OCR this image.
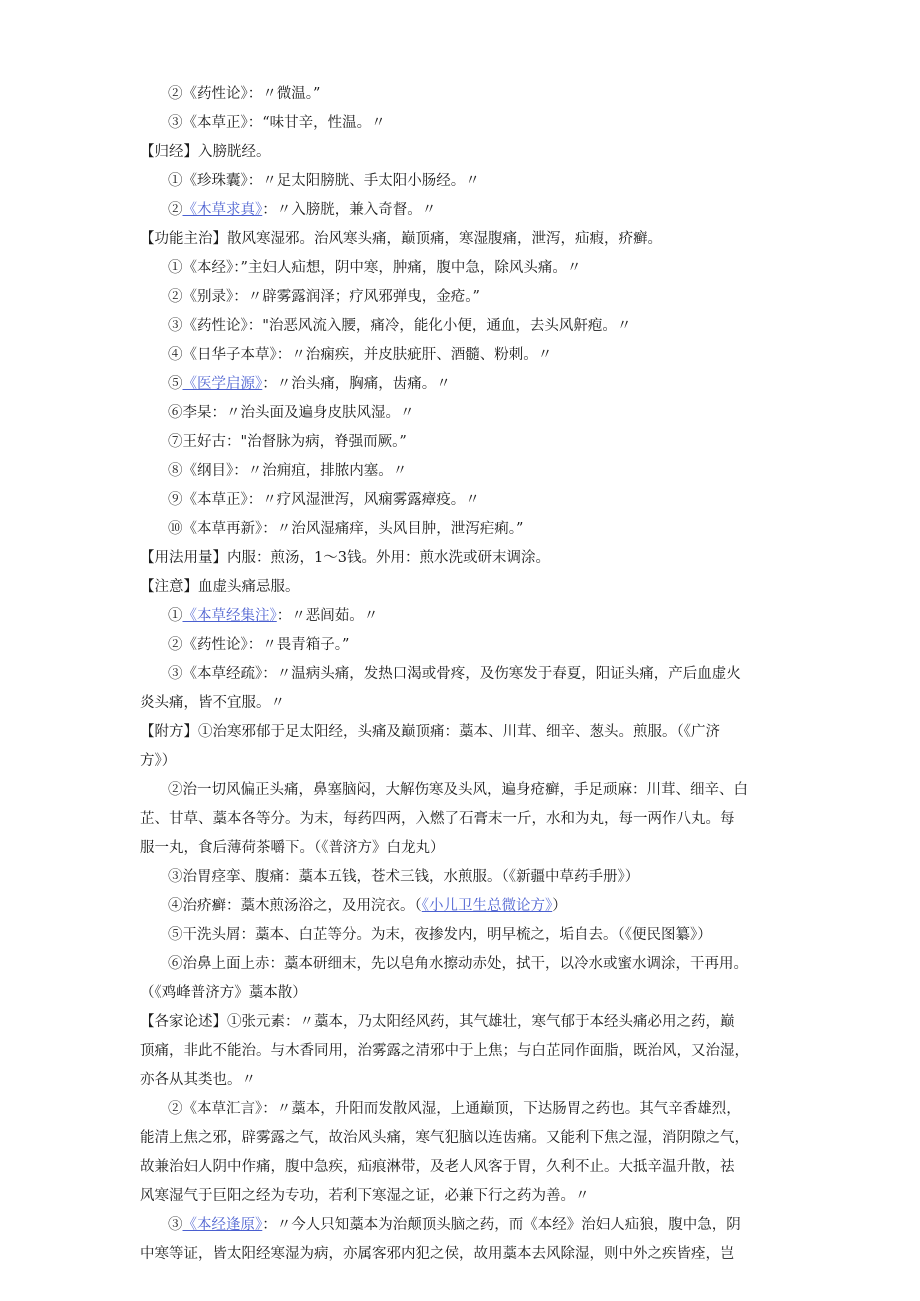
②《药性论》：〃微温。”
③《本草正》：“味甘辛，性温。〃
【归经】入膀胱经。
①《珍珠囊》：〃足太阳膀胱、手太阳小肠经。〃
②《木草求真》：〃入膀胱，兼入奇督。〃
【功能主治】散风寒湿邪。治风寒头痛，巅顶痛，寒湿腹痛，泄泻，疝瘕，疥癣。
①《本经》：”主妇人疝想，阴中寒，肿痛，腹中急，除风头痛。〃
②《别录》：〃辟雾露润泽；疗风邪弹曳，金疮。”
③《药性论》："治恶风流入腰，痛冷，能化小便，通血，去头风鼾疱。〃
④《日华子本草》：〃治痫疾，并皮肤疵肝、酒髓、粉刺。〃
⑤《医学启源》：〃治头痛，胸痛，齿痛。〃
⑥李杲：〃治头面及遍身皮肤风湿。〃
⑦王好古："治督脉为病，脊强而厥。”
⑧《纲目》：〃治痈疽，排脓内塞。〃
⑨《本草正》：〃疗风湿泄泻，风痫雾露瘴疫。〃
⑩《本草再新》：〃治风湿痛痒，头风目肿，泄泻疟痢。”
【用法用量】内服：煎汤，1〜3钱。外用：煎水洗或研末调涂。
【注意】血虚头痛忌服。
①《本草经集注》：〃恶闾茹。〃
②《药性论》：〃畏青箱子。”
③《本草经疏》：〃温病头痛，发热口渴或骨疼，及伤寒发于春夏，阳证头痛，产后血虚火
炎头痛，皆不宜服。〃
【附方】①治寒邪郁于足太阳经，头痛及巅顶痛：藁本、川茸、细辛、葱头。煎服。（《广济
方》）
②治一切风偏正头痛，鼻塞脑闷，大解伤寒及头风，遍身疮癣，手足顽麻：川茸、细辛、白
芷、甘草、藁本各等分。为末，每药四两，入燃了石膏末一斤，水和为丸，每一两作八丸。每
服一丸，食后薄荷茶嚼下。（《普济方》白龙丸）
③治胃痉挛、腹痛：藁本五钱，苍术三钱，水煎服。（《新疆中草药手册》）
④治疥癣：藁木煎汤浴之，及用浣衣。（《小儿卫生总微论方》）
⑤干洗头屑：藁本、白芷等分。为末，夜掺发内，明早梳之，垢自去。（《便民图纂》）
⑥治鼻上面上赤：藁本研细末，先以皂角水擦动赤处，拭干，以冷水或蜜水调涂，干再用。
（《鸡峰普济方》藁本散）
【各家论述】①张元素：〃藁本，乃太阳经风药，其气雄壮，寒气郁于本经头痛必用之药，巅
顶痛，非此不能治。与木香同用，治雾露之清邪中于上焦；与白芷同作面脂，既治风，又治湿，
亦各从其类也。〃
②《本草汇言》：〃藁本，升阳而发散风湿，上通巅顶，下达肠胃之药也。其气辛香雄烈，
能清上焦之邪，辟雾露之气，故治风头痛，寒气犯脑以连齿痛。又能利下焦之湿，消阴隙之气，
故兼治妇人阴中作痛，腹中急疾，疝痕淋带，及老人风客于胃，久利不止。大抵辛温升散，祛
风寒湿气于巨阳之经为专功，若利下寒湿之证，必兼下行之药为善。〃
③《本经逢原》：〃今人只知藁本为治颠顶头脑之药，而《本经》治妇人疝狼，腹中急，阴
中寒等证，皆太阳经寒湿为病，亦属客邪内犯之侯，故用藁本去风除湿，则中外之疾皆痊，岂
